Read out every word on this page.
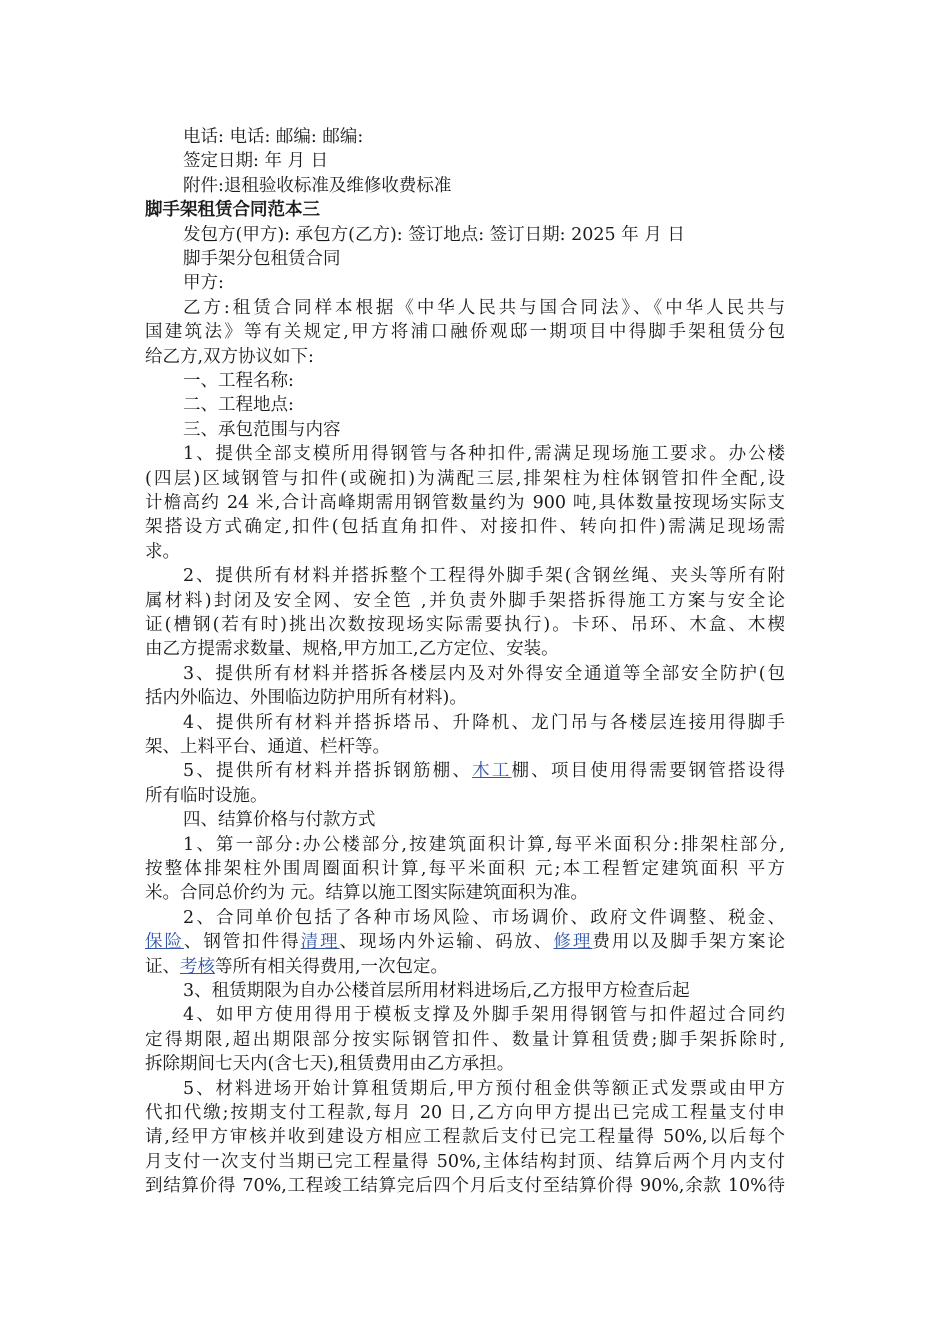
电话: 电话: 邮编: 邮编:
签定日期: 年 月 日
附件:退租验收标准及维修收费标准
脚手架租赁合同范本三
发包方(甲方): 承包方(乙方): 签订地点: 签订日期: 2025 年 月 日
脚手架分包租赁合同
甲方:
乙方:租赁合同样本根据《中华人民共与国合同法》、《中华人民共与
国建筑法》等有关规定,甲方将浦口融侨观邸一期项目中得脚手架租赁分包
给乙方,双方协议如下:
一、工程名称:
二、工程地点:
三、承包范围与内容
1、提供全部支模所用得钢管与各种扣件,需满足现场施工要求。办公楼
(四层)区域钢管与扣件(或碗扣)为满配三层,排架柱为柱体钢管扣件全配,设
计檐高约 24 米,合计高峰期需用钢管数量约为 900 吨,具体数量按现场实际支
架搭设方式确定,扣件(包括直角扣件、对接扣件、转向扣件)需满足现场需
求。
2、提供所有材料并搭拆整个工程得外脚手架(含钢丝绳、夹头等所有附
属材料)封闭及安全网、安全笆 ,并负责外脚手架搭拆得施工方案与安全论
证(槽钢(若有时)挑出次数按现场实际需要执行)。卡环、吊环、木盒、木楔
由乙方提需求数量、规格,甲方加工,乙方定位、安装。
3、提供所有材料并搭拆各楼层内及对外得安全通道等全部安全防护(包
括内外临边、外围临边防护用所有材料)。
4、提供所有材料并搭拆塔吊、升降机、龙门吊与各楼层连接用得脚手
架、上料平台、通道、栏杆等。
5、提供所有材料并搭拆钢筋棚、木工棚、项目使用得需要钢管搭设得
所有临时设施。
四、结算价格与付款方式
1、第一部分:办公楼部分,按建筑面积计算,每平米面积分:排架柱部分,
按整体排架柱外围周圈面积计算,每平米面积 元;本工程暂定建筑面积 平方
米。合同总价约为 元。结算以施工图实际建筑面积为准。
2、合同单价包括了各种市场风险、市场调价、政府文件调整、税金、
保险、钢管扣件得清理、现场内外运输、码放、修理费用以及脚手架方案论
证、考核等所有相关得费用,一次包定。
3、租赁期限为自办公楼首层所用材料进场后,乙方报甲方检查后起
4、如甲方使用得用于模板支撑及外脚手架用得钢管与扣件超过合同约
定得期限,超出期限部分按实际钢管扣件、数量计算租赁费;脚手架拆除时,
拆除期间七天内(含七天),租赁费用由乙方承担。
5、材料进场开始计算租赁期后,甲方预付租金供等额正式发票或由甲方
代扣代缴;按期支付工程款,每月 20 日,乙方向甲方提出已完成工程量支付申
请,经甲方审核并收到建设方相应工程款后支付已完工程量得 50%,以后每个
月支付一次支付当期已完工程量得 50%,主体结构封顶、结算后两个月内支付
到结算价得 70%,工程竣工结算完后四个月后支付至结算价得 90%,余款 10%待
